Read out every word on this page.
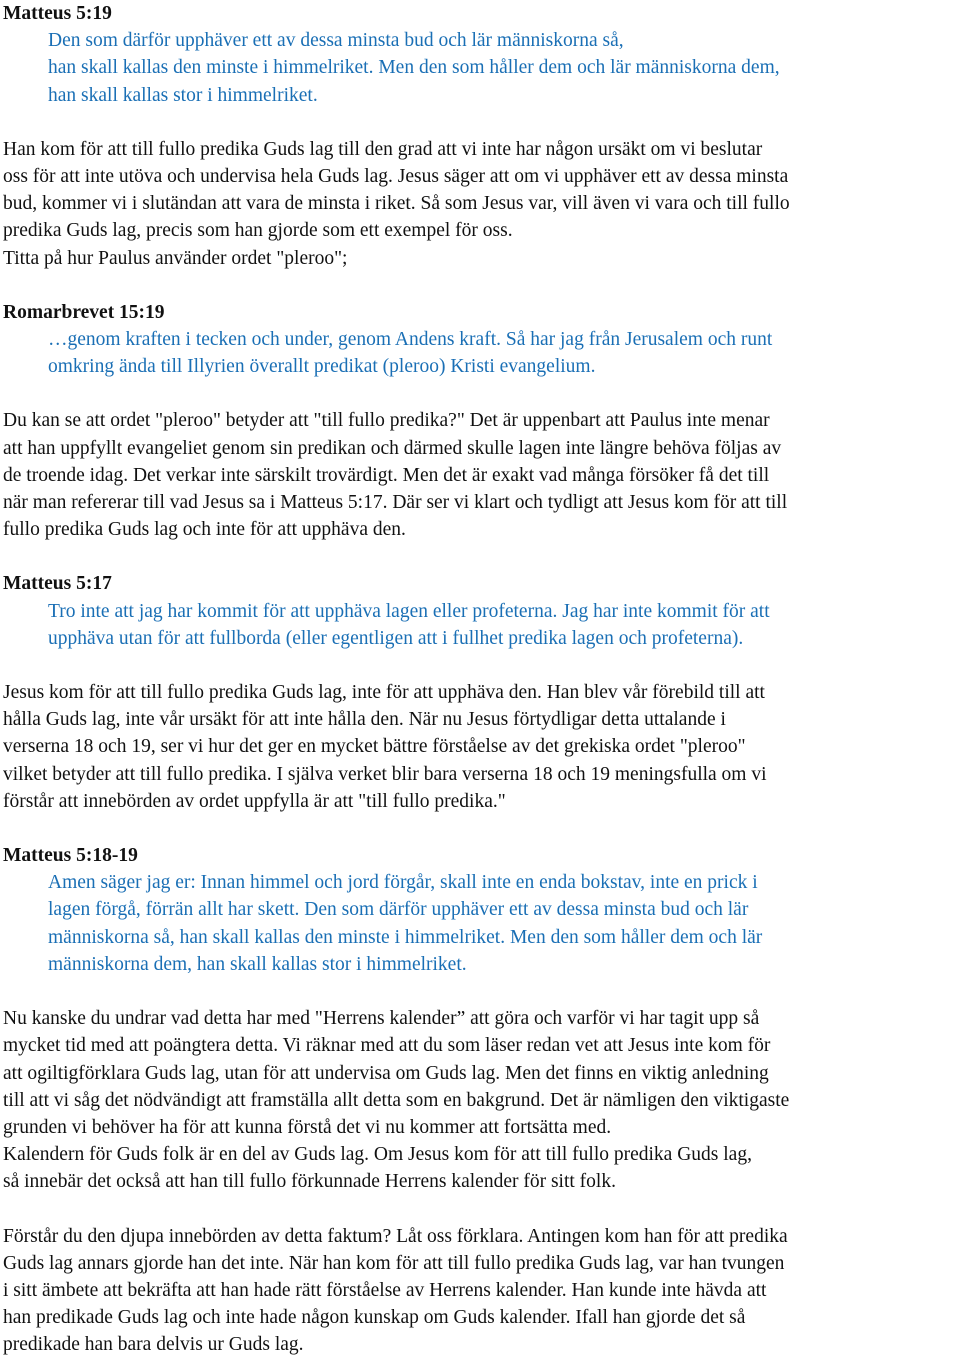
Matteus 5:19

Den som därför upphäver ett av dessa minsta bud och lär människorna så,

han skall kallas den minste i himmelriket. Men den som håller dem och lär människorna dem,

han skall kallas stor i himmelriket.

Han kom för att till fullo predika Guds lag till den grad att vi inte har någon ursäkt om vi beslutar

oss för att inte utöva och undervisa hela Guds lag. Jesus säger att om vi upphäver ett av dessa minsta

bud, kommer vi i slutändan att vara de minsta i riket. Så som Jesus var, vill även vi vara och till fullo

predika Guds lag, precis som han gjorde som ett exempel för oss.

Titta på hur Paulus använder ordet "pleroo";

Romarbrevet 15:19

…genom kraften i tecken och under, genom Andens kraft. Så har jag från Jerusalem och runt

omkring ända till Illyrien överallt predikat (pleroo) Kristi evangelium.

Du kan se att ordet "pleroo" betyder att "till fullo predika?" Det är uppenbart att Paulus inte menar

att han uppfyllt evangeliet genom sin predikan och därmed skulle lagen inte längre behöva följas av

de troende idag. Det verkar inte särskilt trovärdigt. Men det är exakt vad många försöker få det till

när man refererar till vad Jesus sa i Matteus 5:17. Där ser vi klart och tydligt att Jesus kom för att till

fullo predika Guds lag och inte för att upphäva den.

Matteus 5:17

Tro inte att jag har kommit för att upphäva lagen eller profeterna. Jag har inte kommit för att

upphäva utan för att fullborda (eller egentligen att i fullhet predika lagen och profeterna).

Jesus kom för att till fullo predika Guds lag, inte för att upphäva den. Han blev vår förebild till att

hålla Guds lag, inte vår ursäkt för att inte hålla den. När nu Jesus förtydligar detta uttalande i

verserna 18 och 19, ser vi hur det ger en mycket bättre förståelse av det grekiska ordet "pleroo"

vilket betyder att till fullo predika. I själva verket blir bara verserna 18 och 19 meningsfulla om vi

förstår att innebörden av ordet uppfylla är att "till fullo predika."

Matteus 5:18-19

Amen säger jag er: Innan himmel och jord förgår, skall inte en enda bokstav, inte en prick i

lagen förgå, förrän allt har skett. Den som därför upphäver ett av dessa minsta bud och lär

människorna så, han skall kallas den minste i himmelriket. Men den som håller dem och lär

människorna dem, han skall kallas stor i himmelriket.

Nu kanske du undrar vad detta har med "Herrens kalender” att göra och varför vi har tagit upp så

mycket tid med att poängtera detta. Vi räknar med att du som läser redan vet att Jesus inte kom för

att ogiltigförklara Guds lag, utan för att undervisa om Guds lag. Men det finns en viktig anledning

till att vi såg det nödvändigt att framställa allt detta som en bakgrund. Det är nämligen den viktigaste

grunden vi behöver ha för att kunna förstå det vi nu kommer att fortsätta med.

Kalendern för Guds folk är en del av Guds lag. Om Jesus kom för att till fullo predika Guds lag,

så innebär det också att han till fullo förkunnade Herrens kalender för sitt folk.

Förstår du den djupa innebörden av detta faktum? Låt oss förklara. Antingen kom han för att predika

Guds lag annars gjorde han det inte. När han kom för att till fullo predika Guds lag, var han tvungen

i sitt ämbete att bekräfta att han hade rätt förståelse av Herrens kalender. Han kunde inte hävda att

han predikade Guds lag och inte hade någon kunskap om Guds kalender. Ifall han gjorde det så

predikade han bara delvis ur Guds lag.
